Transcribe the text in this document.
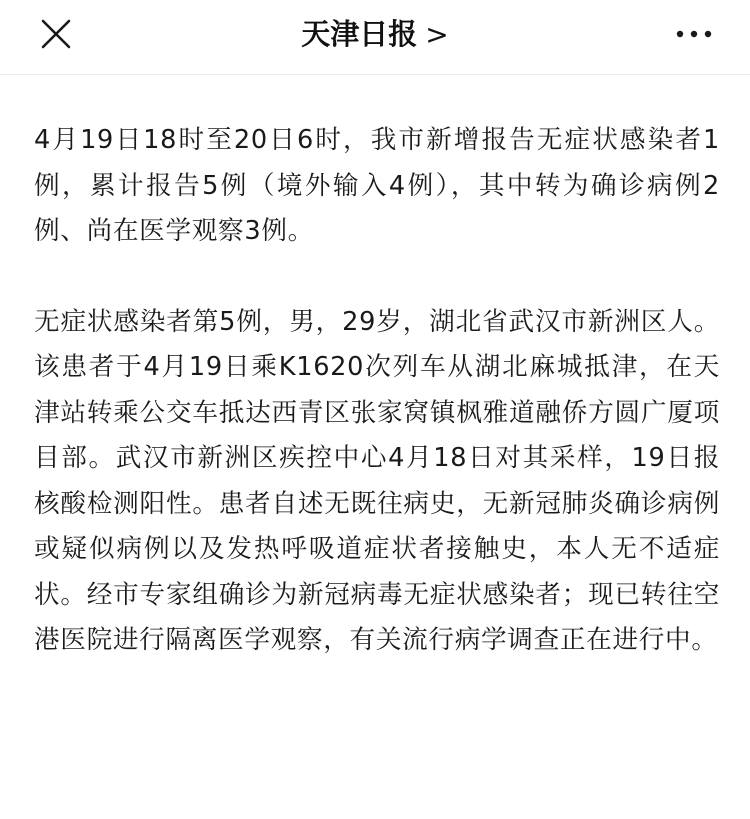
天津日报 >

4月19日18时至20日6时，我市新增报告无症状感染者1例，累计报告5例（境外输入4例），其中转为确诊病例2例、尚在医学观察3例。

无症状感染者第5例，男，29岁，湖北省武汉市新洲区人。该患者于4月19日乘K1620次列车从湖北麻城抵津，在天津站转乘公交车抵达西青区张家窝镇枫雅道融侨方圆广厦项目部。武汉市新洲区疾控中心4月18日对其采样，19日报核酸检测阳性。患者自述无既往病史，无新冠肺炎确诊病例或疑似病例以及发热呼吸道症状者接触史，本人无不适症状。经市专家组确诊为新冠病毒无症状感染者；现已转往空港医院进行隔离医学观察，有关流行病学调查正在进行中。
